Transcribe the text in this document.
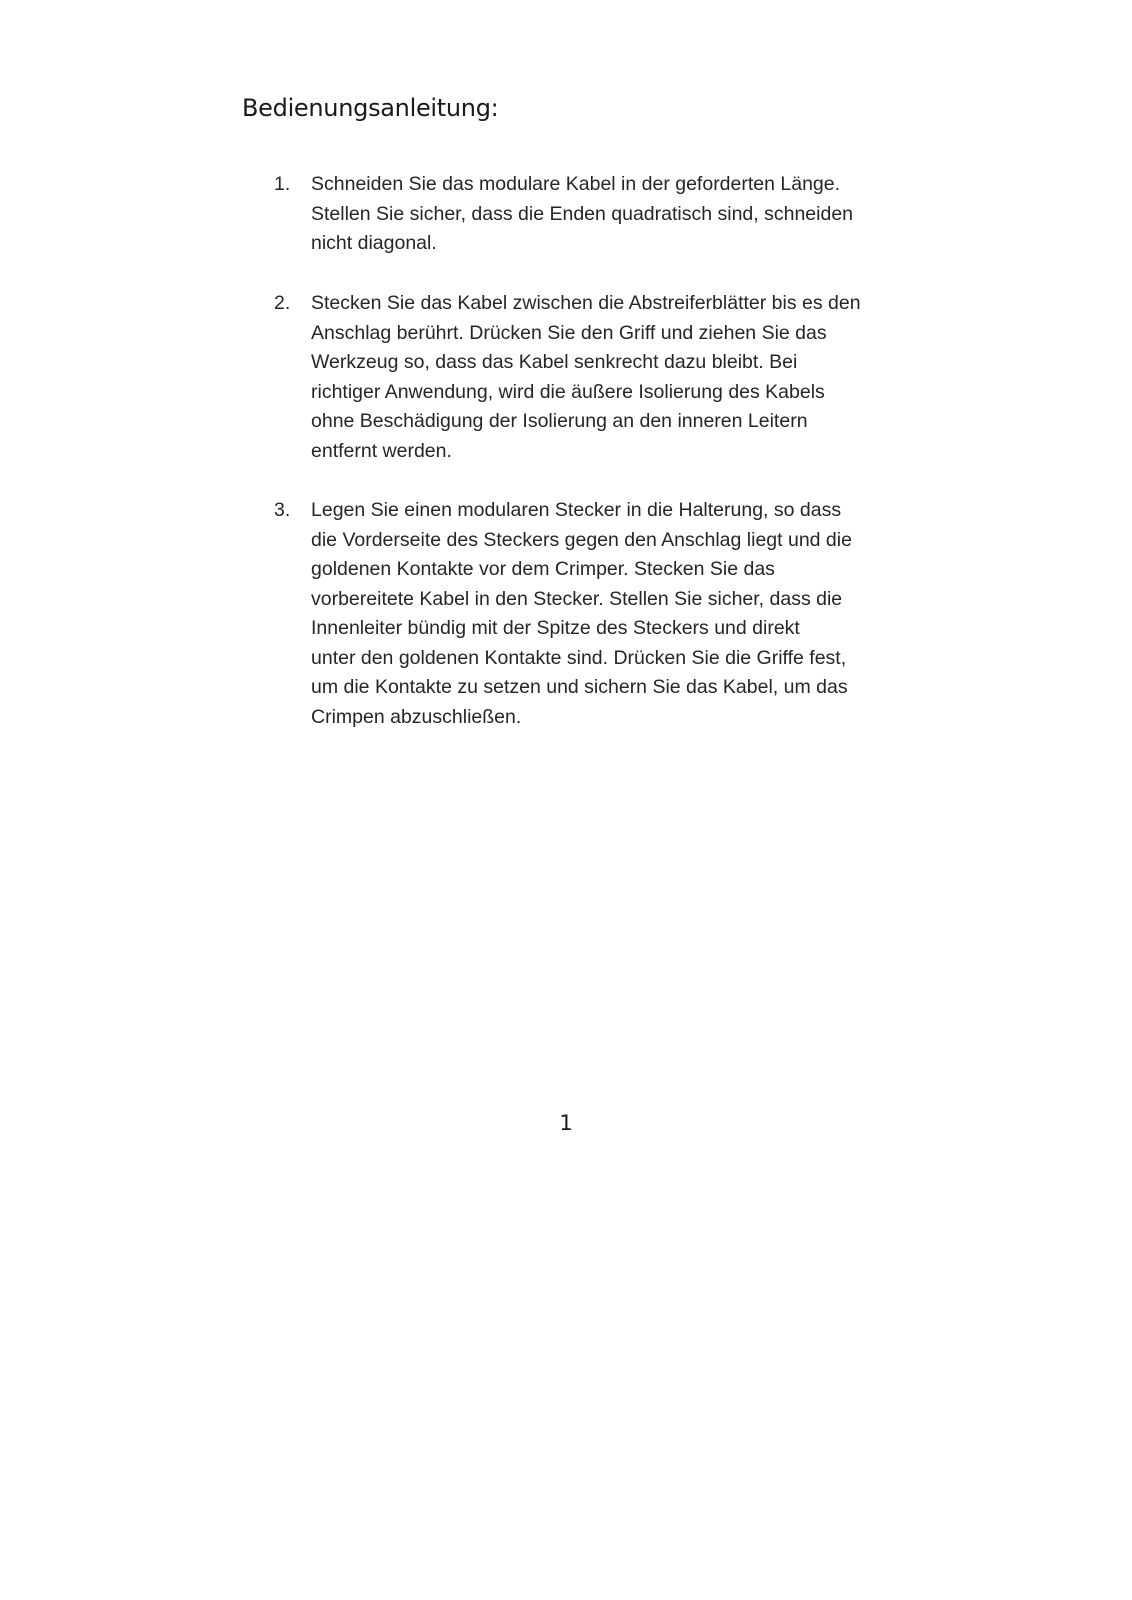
Bedienungsanleitung:
1.	Schneiden Sie das modulare Kabel in der geforderten Länge.
Stellen Sie sicher, dass die Enden quadratisch sind, schneiden
nicht diagonal.
2.	Stecken Sie das Kabel zwischen die Abstreiferblätter bis es den
Anschlag berührt. Drücken Sie den Griff und ziehen Sie das
Werkzeug so, dass das Kabel senkrecht dazu bleibt. Bei
richtiger Anwendung, wird die äußere Isolierung des Kabels
ohne Beschädigung der Isolierung an den inneren Leitern
entfernt werden.
3.	Legen Sie einen modularen Stecker in die Halterung, so dass
die Vorderseite des Steckers gegen den Anschlag liegt und die
goldenen Kontakte vor dem Crimper. Stecken Sie das
vorbereitete Kabel in den Stecker. Stellen Sie sicher, dass die
Innenleiter bündig mit der Spitze des Steckers und direkt
unter den goldenen Kontakte sind. Drücken Sie die Griffe fest,
um die Kontakte zu setzen und sichern Sie das Kabel, um das
Crimpen abzuschließen.
1
